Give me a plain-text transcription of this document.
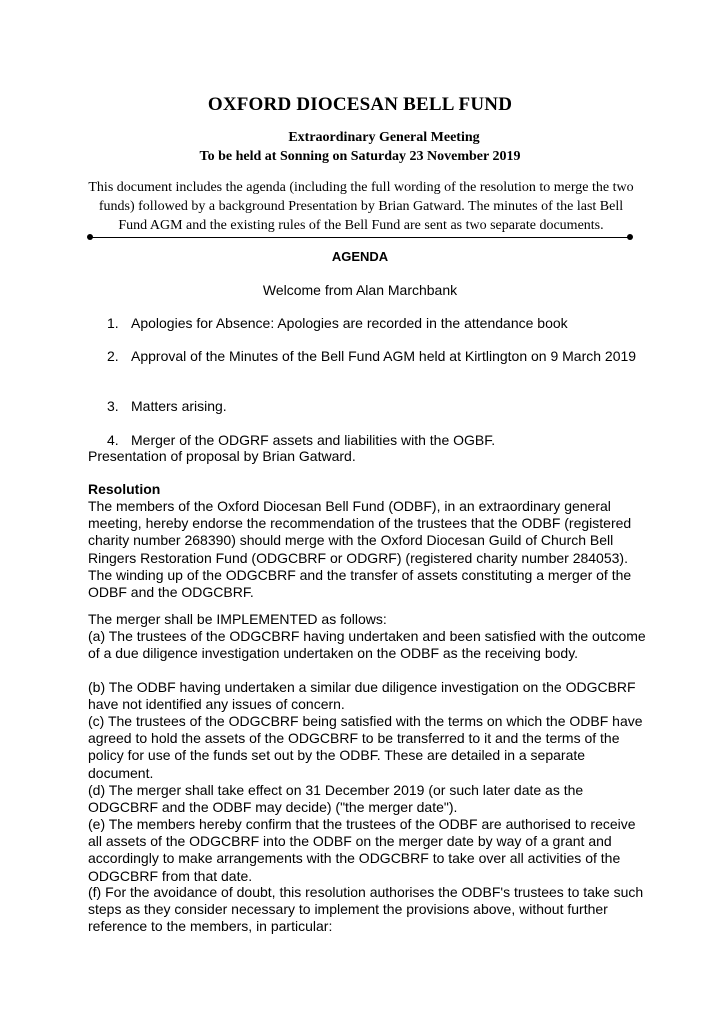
OXFORD DIOCESAN BELL FUND
Extraordinary General Meeting
To be held at Sonning on Saturday 23 November 2019
This document includes the agenda (including the full wording of the resolution to merge the two funds) followed by a background Presentation by Brian Gatward. The minutes of the last Bell Fund AGM and the existing rules of the Bell Fund are sent as two separate documents.
AGENDA
Welcome from Alan Marchbank
1. Apologies for Absence: Apologies are recorded in the attendance book
2. Approval of the Minutes of the Bell Fund AGM held at Kirtlington on 9 March 2019
3. Matters arising.
4. Merger of the ODGRF assets and liabilities with the OGBF.
Presentation of proposal by Brian Gatward.
Resolution
The members of the Oxford Diocesan Bell Fund (ODBF), in an extraordinary general meeting, hereby endorse the recommendation of the trustees that the ODBF (registered charity number 268390) should merge with the Oxford Diocesan Guild of Church Bell Ringers Restoration Fund (ODGCBRF or ODGRF) (registered charity number 284053). The winding up of the ODGCBRF and the transfer of assets constituting a merger of the ODBF and the ODGCBRF.
The merger shall be IMPLEMENTED as follows:
(a) The trustees of the ODGCBRF having undertaken and been satisfied with the outcome of a due diligence investigation undertaken on the ODBF as the receiving body.
(b) The ODBF having undertaken a similar due diligence investigation on the ODGCBRF have not identified any issues of concern.
(c) The trustees of the ODGCBRF being satisfied with the terms on which the ODBF have agreed to hold the assets of the ODGCBRF to be transferred to it and the terms of the policy for use of the funds set out by the ODBF. These are detailed in a separate document.
(d) The merger shall take effect on 31 December 2019 (or such later date as the ODGCBRF and the ODBF may decide) ("the merger date").
(e) The members hereby confirm that the trustees of the ODBF are authorised to receive all assets of the ODGCBRF into the ODBF on the merger date by way of a grant and accordingly to make arrangements with the ODGCBRF to take over all activities of the ODGCBRF from that date.
(f) For the avoidance of doubt, this resolution authorises the ODBF's trustees to take such steps as they consider necessary to implement the provisions above, without further reference to the members, in particular:
